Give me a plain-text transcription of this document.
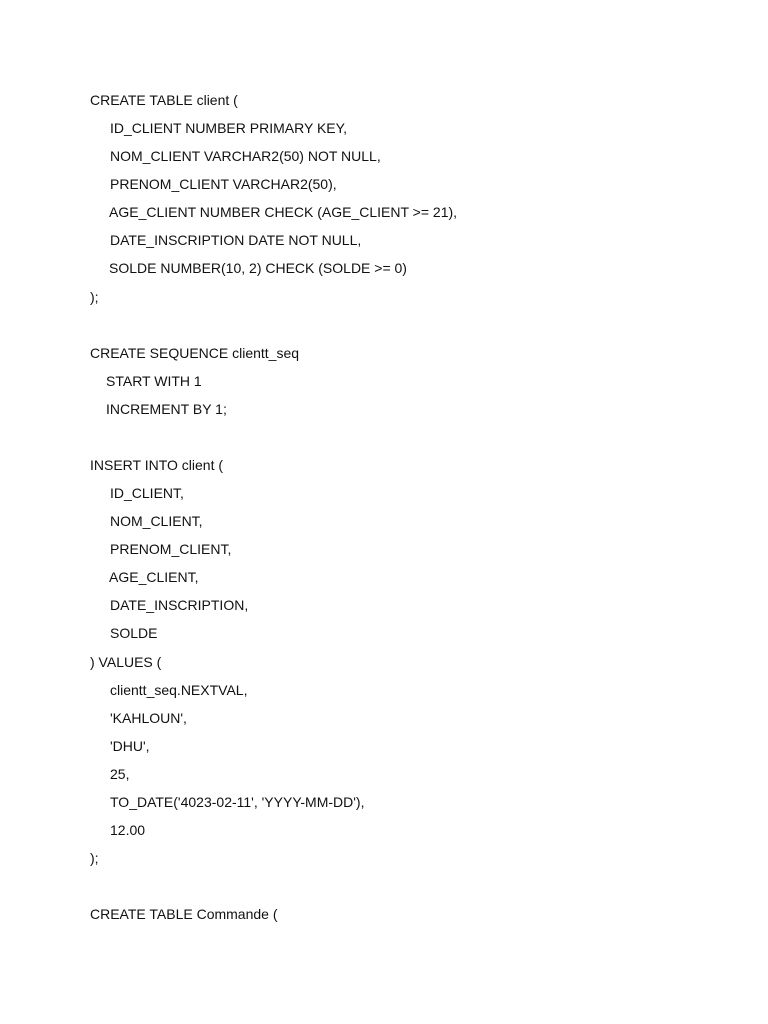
CREATE TABLE client (
ID_CLIENT NUMBER PRIMARY KEY,
NOM_CLIENT VARCHAR2(50) NOT NULL,
PRENOM_CLIENT VARCHAR2(50),
AGE_CLIENT NUMBER CHECK (AGE_CLIENT >= 21),
DATE_INSCRIPTION DATE NOT NULL,
SOLDE NUMBER(10, 2) CHECK (SOLDE >= 0)
);
CREATE SEQUENCE clientt_seq
START WITH 1
INCREMENT BY 1;
INSERT INTO client (
ID_CLIENT,
NOM_CLIENT,
PRENOM_CLIENT,
AGE_CLIENT,
DATE_INSCRIPTION,
SOLDE
) VALUES (
clientt_seq.NEXTVAL,
'KAHLOUN',
'DHU',
25,
TO_DATE('4023-02-11', 'YYYY-MM-DD'),
12.00
);
CREATE TABLE Commande (
